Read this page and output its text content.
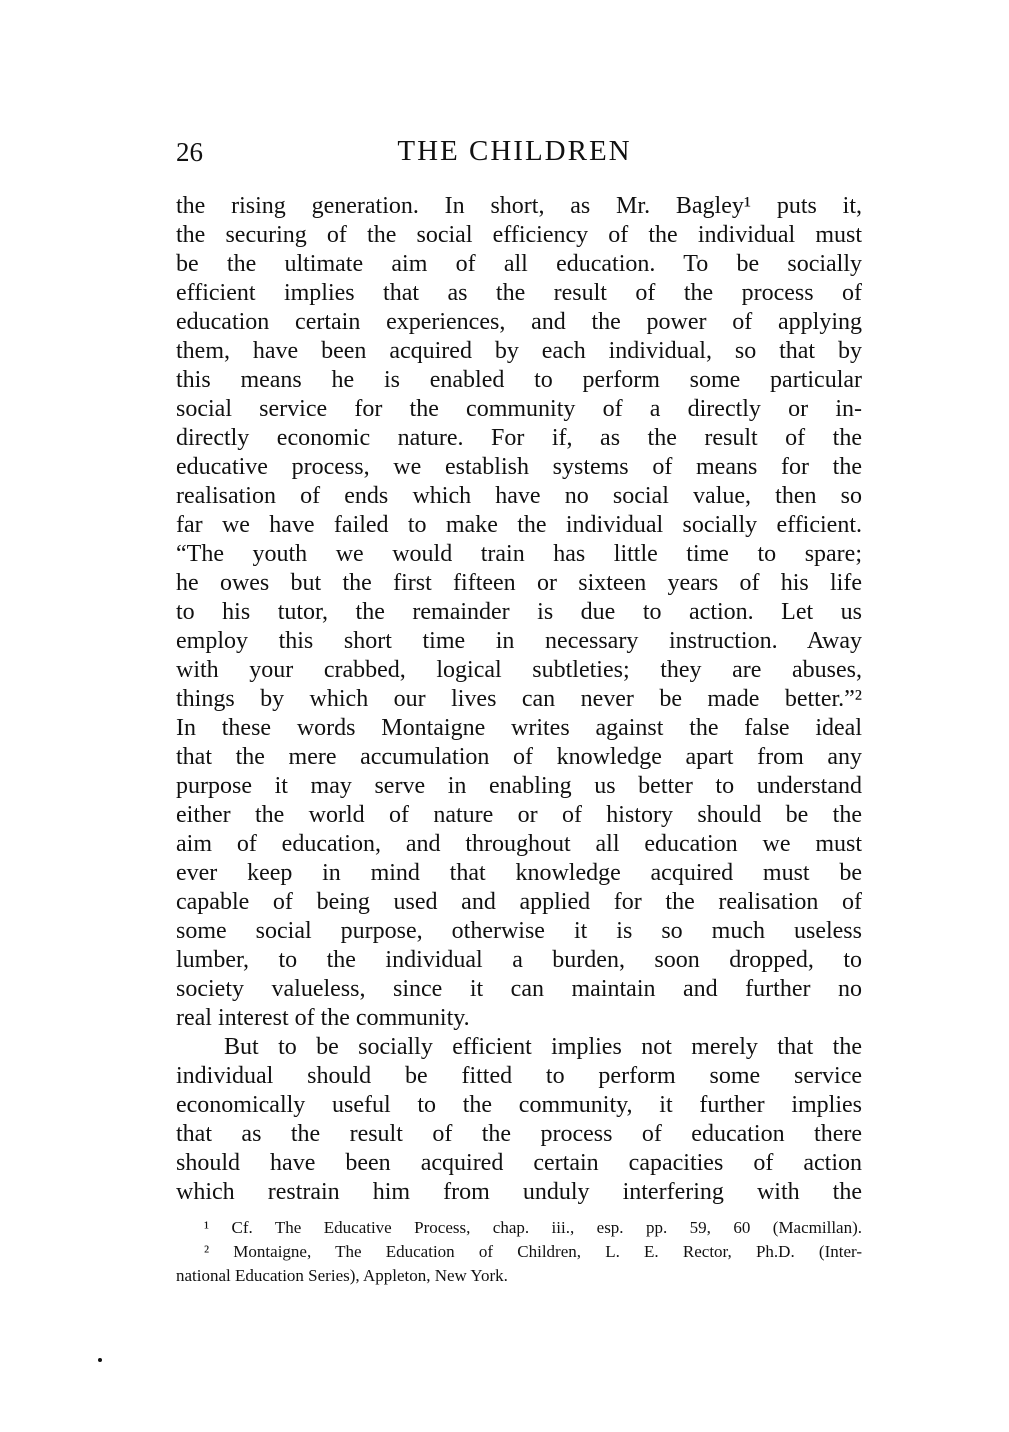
26	THE CHILDREN
the rising generation. In short, as Mr. Bagley¹ puts it,
the securing of the social efficiency of the individual must
be the ultimate aim of all education. To be socially
efficient implies that as the result of the process of
education certain experiences, and the power of applying
them, have been acquired by each individual, so that by
this means he is enabled to perform some particular
social service for the community of a directly or in-
directly economic nature. For if, as the result of the
educative process, we establish systems of means for the
realisation of ends which have no social value, then so
far we have failed to make the individual socially efficient.
“The youth we would train has little time to spare;
he owes but the first fifteen or sixteen years of his life
to his tutor, the remainder is due to action. Let us
employ this short time in necessary instruction. Away
with your crabbed, logical subtleties; they are abuses,
things by which our lives can never be made better.”²
In these words Montaigne writes against the false ideal
that the mere accumulation of knowledge apart from any
purpose it may serve in enabling us better to understand
either the world of nature or of history should be the
aim of education, and throughout all education we must
ever keep in mind that knowledge acquired must be
capable of being used and applied for the realisation of
some social purpose, otherwise it is so much useless
lumber, to the individual a burden, soon dropped, to
society valueless, since it can maintain and further no
real interest of the community.
But to be socially efficient implies not merely that the
individual should be fitted to perform some service
economically useful to the community, it further implies
that as the result of the process of education there
should have been acquired certain capacities of action
which restrain him from unduly interfering with the
¹ Cf. The Educative Process, chap. iii., esp. pp. 59, 60 (Macmillan).
² Montaigne, The Education of Children, L. E. Rector, Ph.D. (Inter-
national Education Series), Appleton, New York.
